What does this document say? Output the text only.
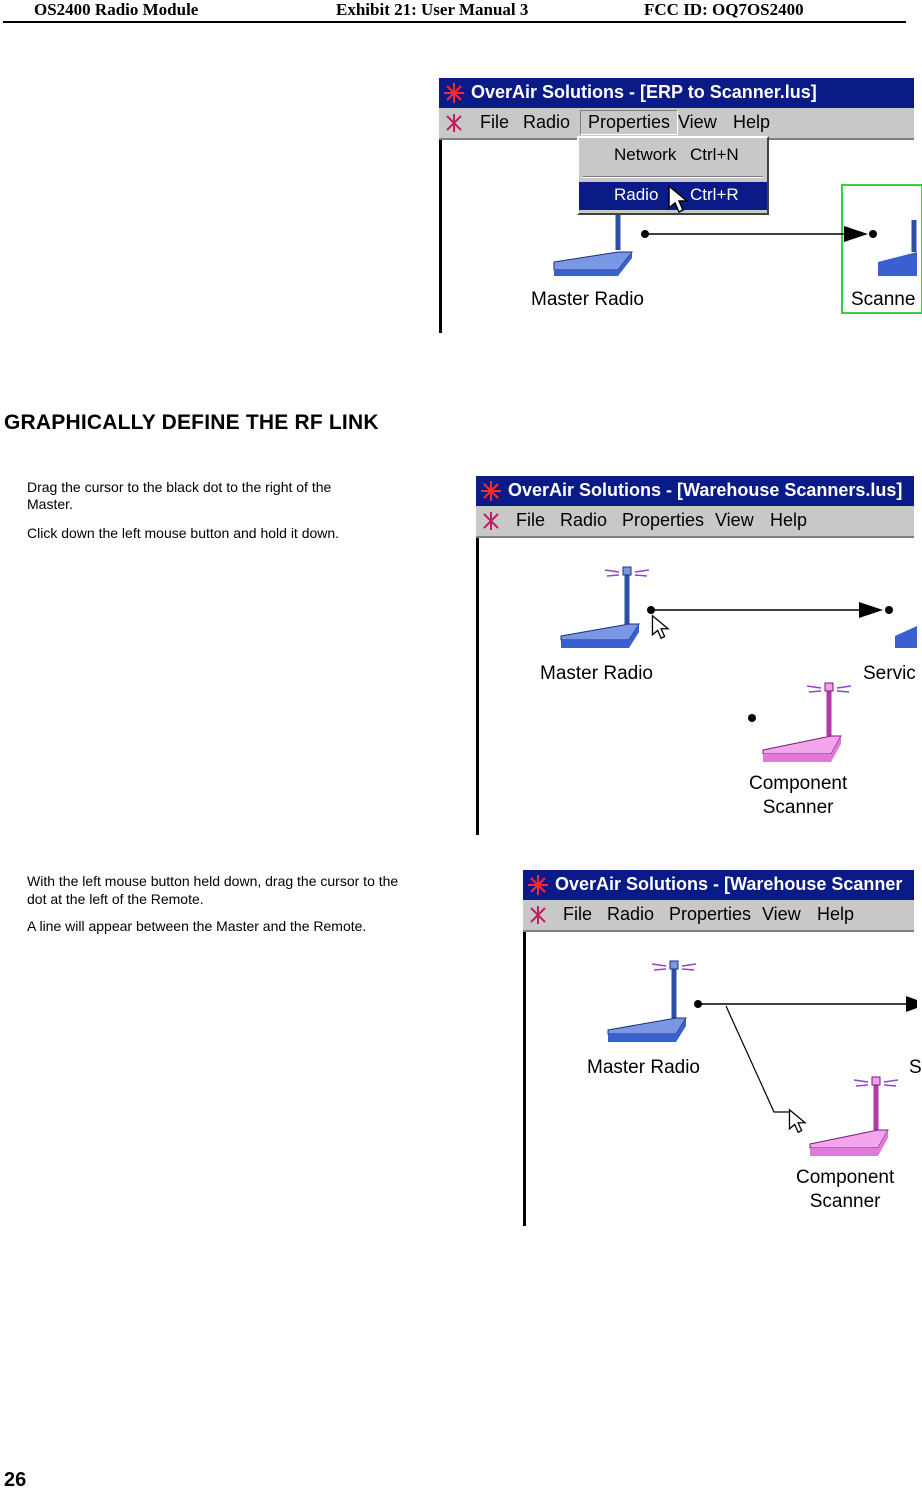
OS2400 Radio Module	Exhibit 21: User Manual 3	FCC ID: OQ7OS2400
OverAir Solutions - [ERP to Scanner.lus]
File Radio Properties View Help
Master Radio	Scanne
Network Ctrl+N
Radio Ctrl+R
GRAPHICALLY DEFINE THE RF LINK
Drag the cursor to the black dot to the right of the
Master.
Click down the left mouse button and hold it down.
OverAir Solutions - [Warehouse Scanners.lus]
File Radio Properties View Help
Master Radio	Servic
Component
Scanner
With the left mouse button held down, drag the cursor to the
dot at the left of the Remote.
A line will appear between the Master and the Remote.
OverAir Solutions - [Warehouse Scanner
File Radio Properties View Help
Master Radio	S
Component
Scanner
26
